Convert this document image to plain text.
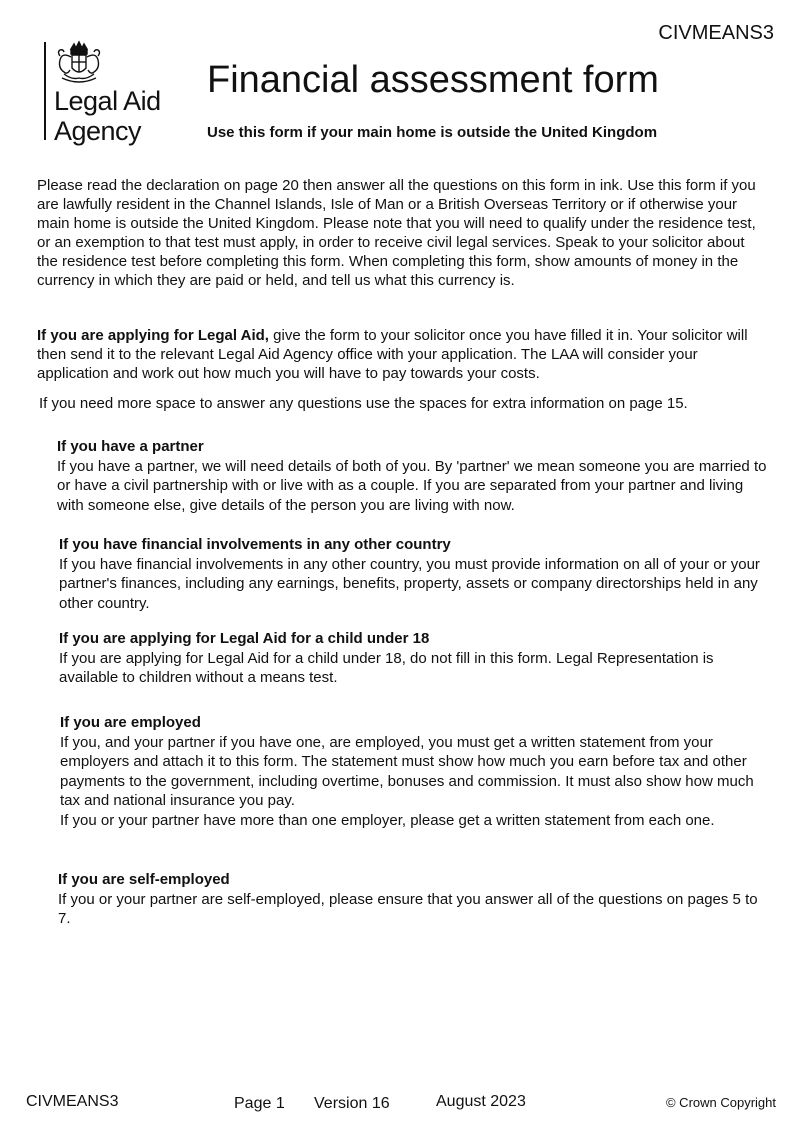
CIVMEANS3
Legal Aid
Agency
Financial assessment form
Use this form if your main home is outside the United Kingdom

Please read the declaration on page 20 then answer all the questions on this form in ink. Use this form if you are lawfully resident in the Channel Islands, Isle of Man or a British Overseas Territory or if otherwise your main home is outside the United Kingdom. Please note that you will need to qualify under the residence test, or an exemption to that test must apply, in order to receive civil legal services. Speak to your solicitor about the residence test before completing this form. When completing this form, show amounts of money in the currency in which they are paid or held, and tell us what this currency is.

If you are applying for Legal Aid, give the form to your solicitor once you have filled it in. Your solicitor will then send it to the relevant Legal Aid Agency office with your application. The LAA will consider your application and work out how much you will have to pay towards your costs.

If you need more space to answer any questions use the spaces for extra information on page 15.

If you have a partner

If you have a partner, we will need details of both of you. By 'partner' we mean someone you are married to or have a civil partnership with or live with as a couple. If you are separated from your partner and living with someone else, give details of the person you are living with now.

If you have financial involvements in any other country

If you have financial involvements in any other country, you must provide information on all of your or your partner's finances, including any earnings, benefits, property, assets or company directorships held in any other country.

If you are applying for Legal Aid for a child under 18

If you are applying for Legal Aid for a child under 18, do not fill in this form. Legal Representation is available to children without a means test.

If you are employed

If you, and your partner if you have one, are employed, you must get a written statement from your employers and attach it to this form. The statement must show how much you earn before tax and other payments to the government, including overtime, bonuses and commission. It must also show how much tax and national insurance you pay.

If you or your partner have more than one employer, please get a written statement from each one.

If you are self-employed

If you or your partner are self-employed, please ensure that you answer all of the questions on pages 5 to 7.

CIVMEANS3	Page 1 Version 16	August 2023	© Crown Copyright
